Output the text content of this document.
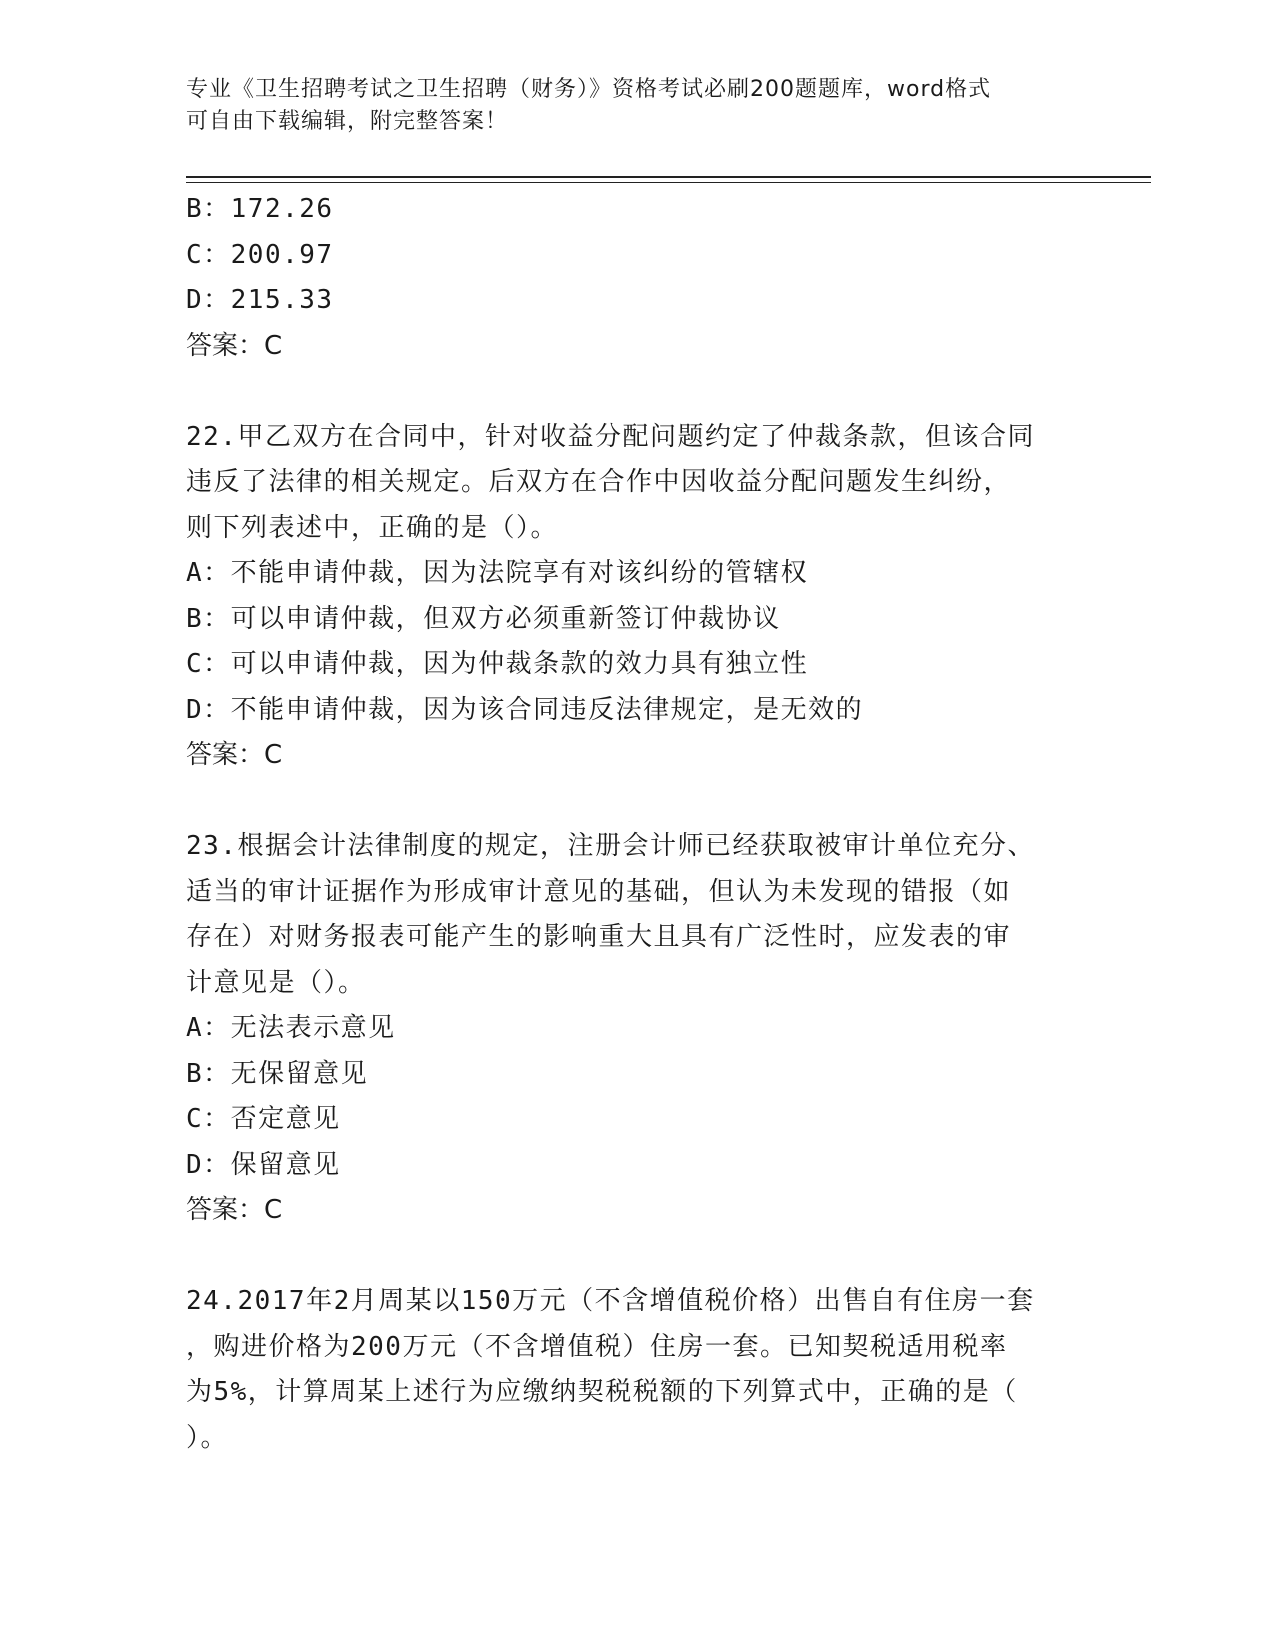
专业《卫生招聘考试之卫生招聘（财务）》资格考试必刷200题题库，word格式
可自由下载编辑，附完整答案！
B：172.26
C：200.97
D：215.33
答案：C
22.甲乙双方在合同中，针对收益分配问题约定了仲裁条款，但该合同
违反了法律的相关规定。后双方在合作中因收益分配问题发生纠纷，
则下列表述中，正确的是（）。
A：不能申请仲裁，因为法院享有对该纠纷的管辖权
B：可以申请仲裁，但双方必须重新签订仲裁协议
C：可以申请仲裁，因为仲裁条款的效力具有独立性
D：不能申请仲裁，因为该合同违反法律规定，是无效的
答案：C
23.根据会计法律制度的规定，注册会计师已经获取被审计单位充分、
适当的审计证据作为形成审计意见的基础，但认为未发现的错报（如
存在）对财务报表可能产生的影响重大且具有广泛性时，应发表的审
计意见是（）。
A：无法表示意见
B：无保留意见
C：否定意见
D：保留意见
答案：C
24.2017年2月周某以150万元（不含增值税价格）出售自有住房一套
，购进价格为200万元（不含增值税）住房一套。已知契税适用税率
为5%，计算周某上述行为应缴纳契税税额的下列算式中，正确的是（
）。
